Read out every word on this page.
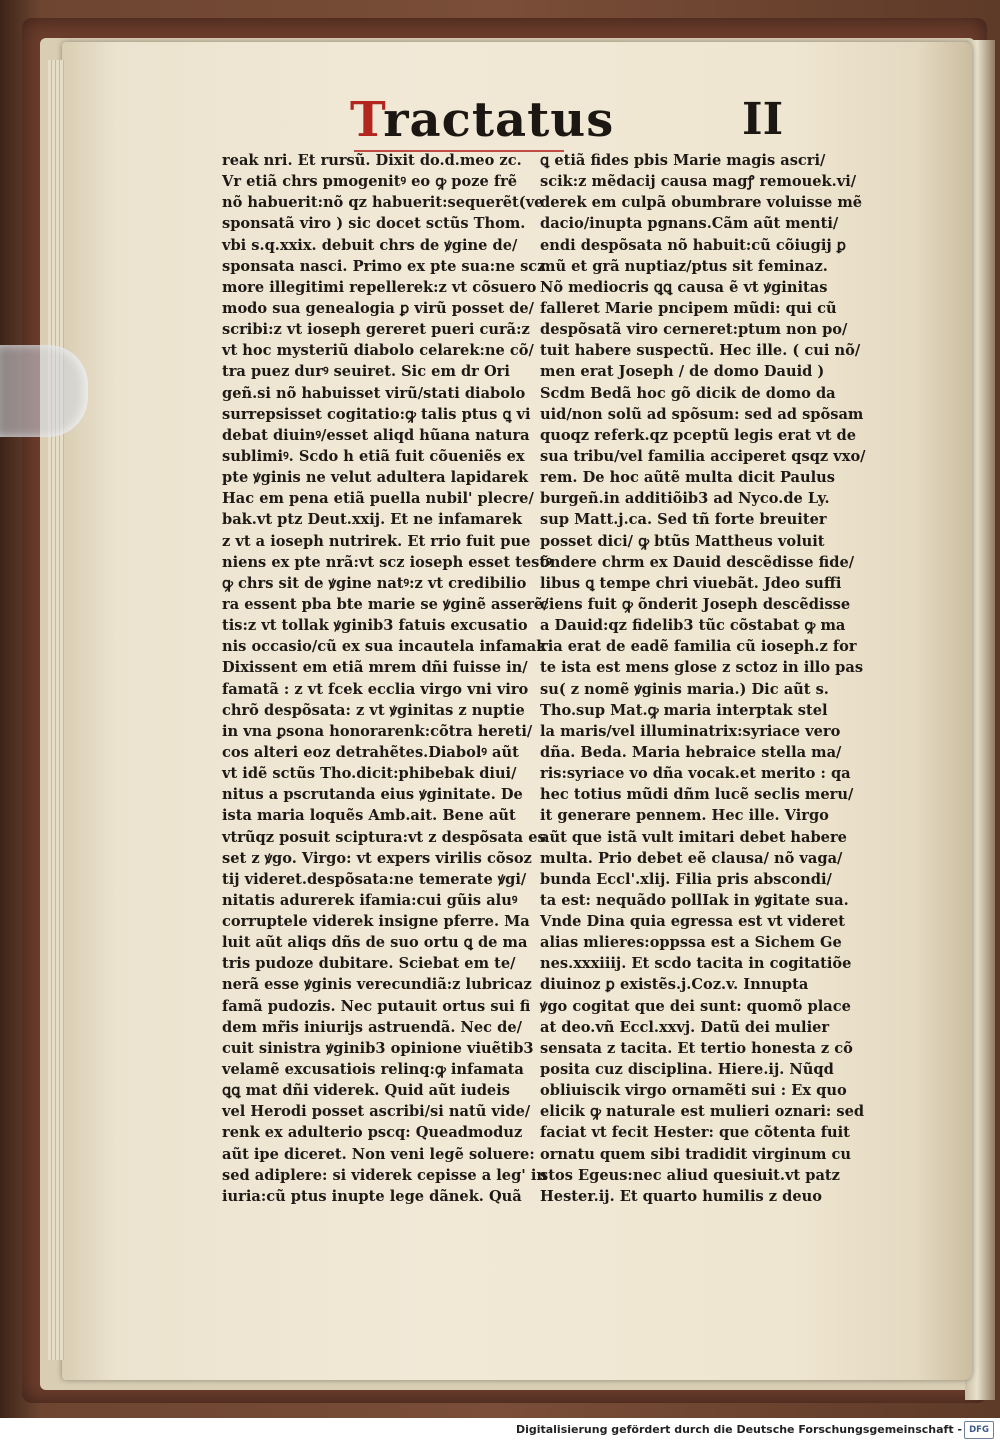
Tractatus	II
reak nri. Et rursũ. Dixit do.d.meo zc.
Vr etiã chrs pmogenitꝰ eo ꝙ poze frẽ
nõ habuerit:nõ qz habuerit:sequerẽt(ve
sponsatã viro ) sic docet sctũs Thom.
vbi s.q.xxix. debuit chrs de ꝟgine de/
sponsata nasci. Primo ex pte sua:ne scz
more illegitimi repellerek:z vt cõsuero
modo sua genealogia ꝑ virũ posset de/
scribi:z vt ioseph gereret pueri curã:z
vt hoc mysteriũ diabolo celarek:ne cõ/
tra puez durꝰ seuiret. Sic em dr Ori
geñ.si nõ habuisset virũ/stati diabolo
surrepsisset cogitatio:ꝙ talis ptus ꝗ vi
debat diuinꝰ/esset aliqd hũana natura
sublimiꝰ. Scdo h etiã fuit cõueniẽs ex
pte ꝟginis ne velut adultera lapidarek
Hac em pena etiã puella nubil' plecre/
bak.vt ptz Deut.xxij. Et ne infamarek
z vt a ioseph nutrirek. Et rrio fuit pue
niens ex pte nrã:vt scz ioseph esset testꝰ
ꝙ chrs sit de ꝟgine natꝰ:z vt credibilio
ra essent pba bte marie se ꝟginẽ asserẽ/
tis:z vt tollak ꝟginib3 fatuis excusatio
nis occasio/cũ ex sua incautela infamak
Dixissent em etiã mrem dñi fuisse in/
famatã : z vt fcek ecclia virgo vni viro
chrõ despõsata: z vt ꝟginitas z nuptie
in vna ꝑsona honorarenk:cõtra hereti/
cos alteri eoz detrahẽtes.Diabolꝰ aũt
vt idẽ sctũs Tho.dicit:phibebak diui/
nitus a pscrutanda eius ꝟginitate. De
ista maria loquẽs Amb.ait. Bene aũt
vtrũqz posuit sciptura:vt z despõsata es
set z ꝟgo. Virgo: vt expers virilis cõsoz
tij videret.despõsata:ne temerate ꝟgi/
nitatis adurerek ifamia:cui gũis aluꝰ
corruptele viderek insigne pferre. Ma
luit aũt aliqs dñs de suo ortu ꝗ de ma
tris pudoze dubitare. Sciebat em te/
nerã esse ꝟginis verecundiã:z lubricaz
famã pudozis. Nec putauit ortus sui fi
dem mr̃is iniurijs astruendã. Nec de/
cuit sinistra ꝟginib3 opinione viuẽtib3
velamẽ excusatiois relinq:ꝙ infamata
ꝗꝗ mat dñi viderek. Quid aũt iudeis
vel Herodi posset ascribi/si natũ vide/
renk ex adulterio pscq: Queadmoduz
aũt ipe diceret. Non veni legẽ soluere:
sed adiplere: si viderek cepisse a leg' in
iuria:cũ ptus inupte lege dãnek. Quã
ꝗ etiã fides pbis Marie magis ascri/
scik:z mẽdacij causa magꝭ remouek.vi/
derek em culpã obumbrare voluisse mẽ
dacio/inupta pgnans.Cãm aũt menti/
endi despõsata nõ habuit:cũ cõiugij ꝑ
mũ et grã nuptiaz/ptus sit feminaz.
Nõ mediocris ꝗꝗ causa ẽ vt ꝟginitas
falleret Marie pncipem mũdi: qui cũ
despõsatã viro cerneret:ptum non po/
tuit habere suspectũ. Hec ille. ( cui nõ/
men erat Joseph / de domo Dauid )
Scdm Bedã hoc gõ dicik de domo da
uid/non solũ ad spõsum: sed ad spõsam
quoqz referk.qz pceptũ legis erat vt de
sua tribu/vel familia acciperet qsqz vxo/
rem. De hoc aũtẽ multa dicit Paulus
burgeñ.in additiõib3 ad Nyco.de Ly.
sup Matt.j.ca. Sed tñ forte breuiter
posset dici/ ꝙ btũs Mattheus voluit
õndere chrm ex Dauid descẽdisse fide/
libus ꝗ tempe chri viuebãt. Jdeo suffi
ciens fuit ꝙ õnderit Joseph descẽdisse
a Dauid:qz fidelib3 tũc cõstabat ꝙ ma
ria erat de eadẽ familia cũ ioseph.z for
te ista est mens glose z sctoz in illo pas
su( z nomẽ ꝟginis maria.) Dic aũt s.
Tho.sup Mat.ꝙ maria interptak stel
la maris/vel illuminatrix:syriace vero
dña. Beda. Maria hebraice stella ma/
ris:syriace vo dña vocak.et merito : qa
hec totius mũdi dñm lucẽ seclis meru/
it generare pennem. Hec ille. Virgo
aũt que istã vult imitari debet habere
multa. Prio debet eẽ clausa/ nõ vaga/
bunda Eccl'.xlij. Filia pris abscondi/
ta est: nequãdo pollIak in ꝟgitate sua.
Vnde Dina quia egressa est vt videret
alias mlieres:oppssa est a Sichem Ge
nes.xxxiiij. Et scdo tacita in cogitatiõe
diuinoz ꝑ existẽs.j.Coz.v. Innupta
ꝟgo cogitat que dei sunt: quomõ place
at deo.vñ Eccl.xxvj. Datũ dei mulier
sensata z tacita. Et tertio honesta z cõ
posita cuz disciplina. Hiere.ij. Nũqd
obliuiscik virgo ornamẽti sui : Ex quo
elicik ꝙ naturale est mulieri oznari: sed
faciat vt fecit Hester: que cõtenta fuit
ornatu quem sibi tradidit virginum cu
stos Egeus:nec aliud quesiuit.vt patz
Hester.ij. Et quarto humilis z deuo
Digitalisierung gefördert durch die Deutsche Forschungsgemeinschaft - DFG
